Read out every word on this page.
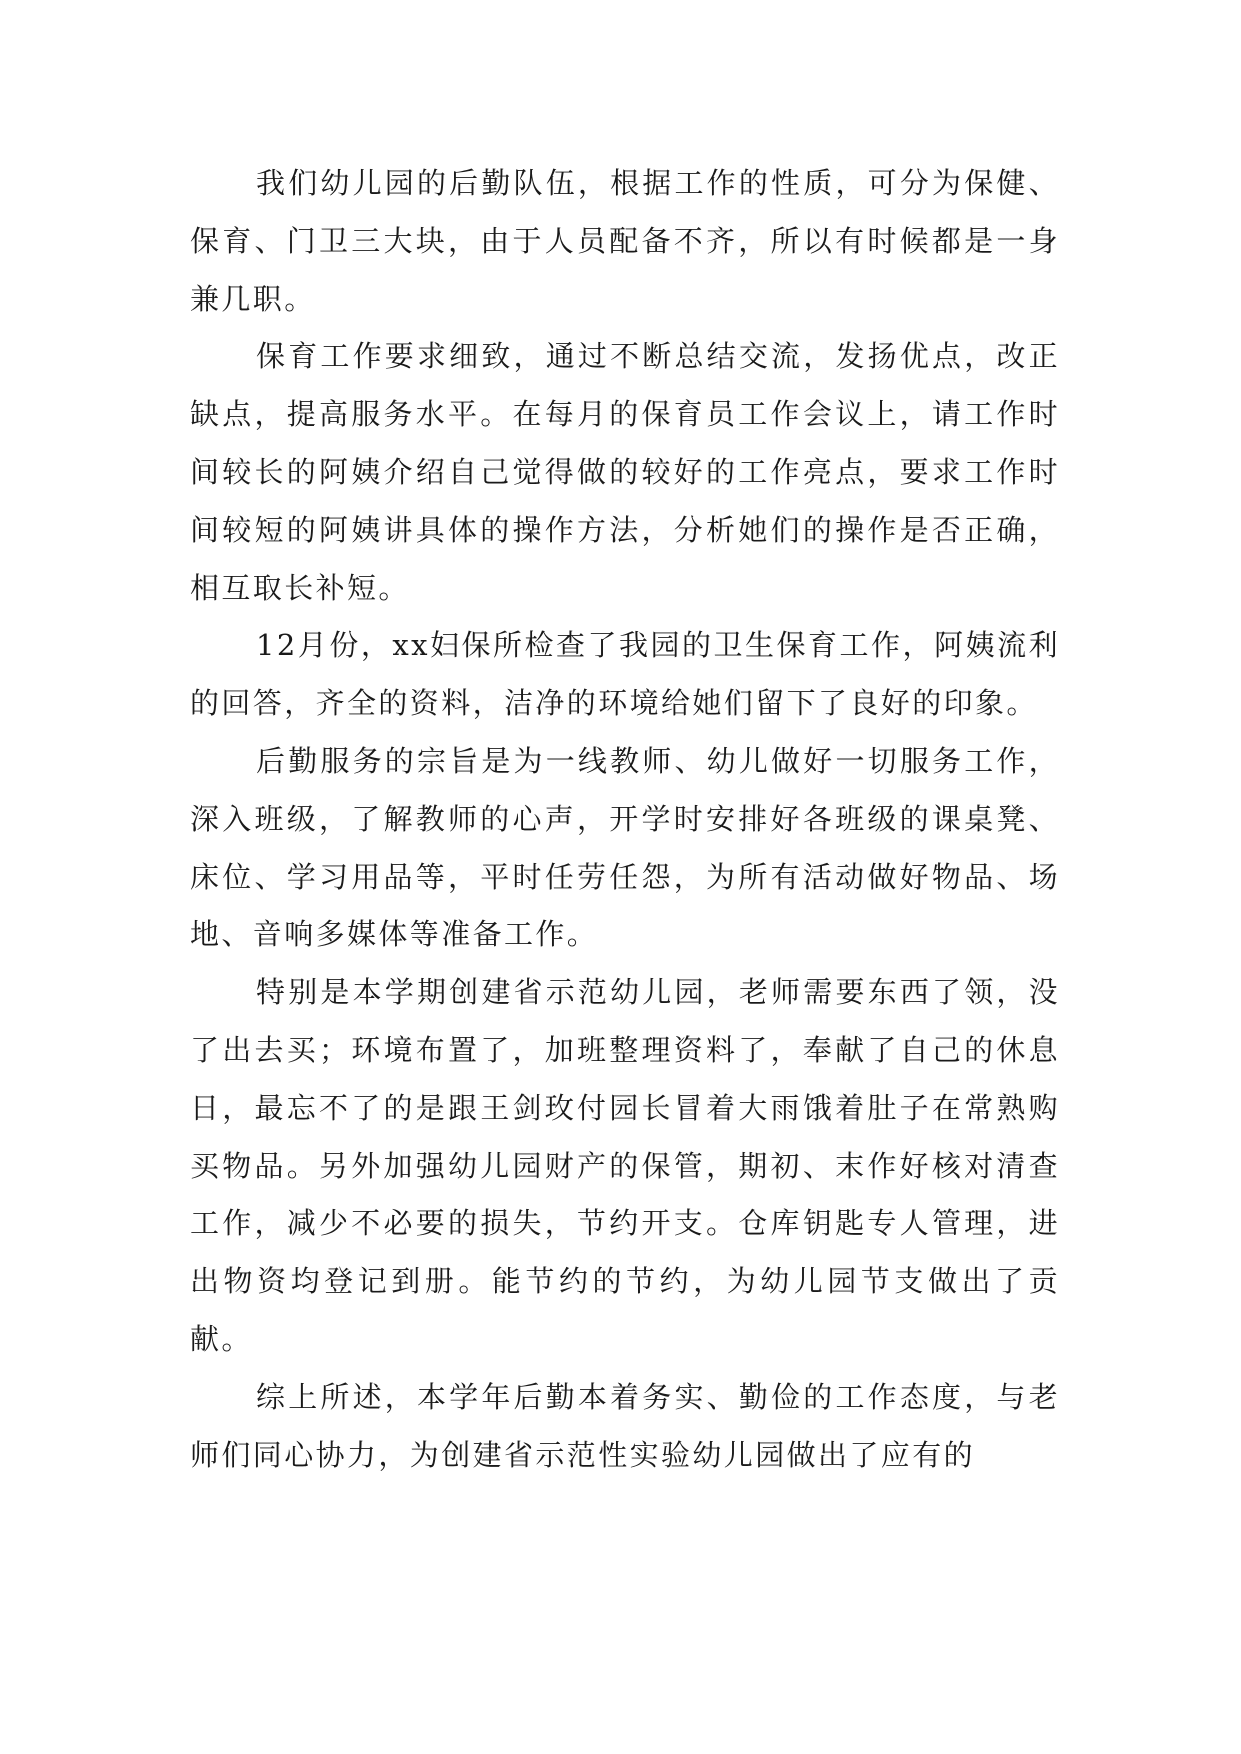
我们幼儿园的后勤队伍，根据工作的性质，可分为保健、保育、门卫三大块，由于人员配备不齐，所以有时候都是一身兼几职。

保育工作要求细致，通过不断总结交流，发扬优点，改正缺点，提高服务水平。在每月的保育员工作会议上，请工作时间较长的阿姨介绍自己觉得做的较好的工作亮点，要求工作时间较短的阿姨讲具体的操作方法，分析她们的操作是否正确，相互取长补短。

12月份，xx妇保所检查了我园的卫生保育工作，阿姨流利的回答，齐全的资料，洁净的环境给她们留下了良好的印象。

后勤服务的宗旨是为一线教师、幼儿做好一切服务工作，深入班级，了解教师的心声，开学时安排好各班级的课桌凳、床位、学习用品等，平时任劳任怨，为所有活动做好物品、场地、音响多媒体等准备工作。

特别是本学期创建省示范幼儿园，老师需要东西了领，没了出去买；环境布置了，加班整理资料了，奉献了自己的休息日，最忘不了的是跟王剑玫付园长冒着大雨饿着肚子在常熟购买物品。另外加强幼儿园财产的保管，期初、末作好核对清查工作，减少不必要的损失，节约开支。仓库钥匙专人管理，进出物资均登记到册。能节约的节约，为幼儿园节支做出了贡献。

综上所述，本学年后勤本着务实、勤俭的工作态度，与老师们同心协力，为创建省示范性实验幼儿园做出了应有的
